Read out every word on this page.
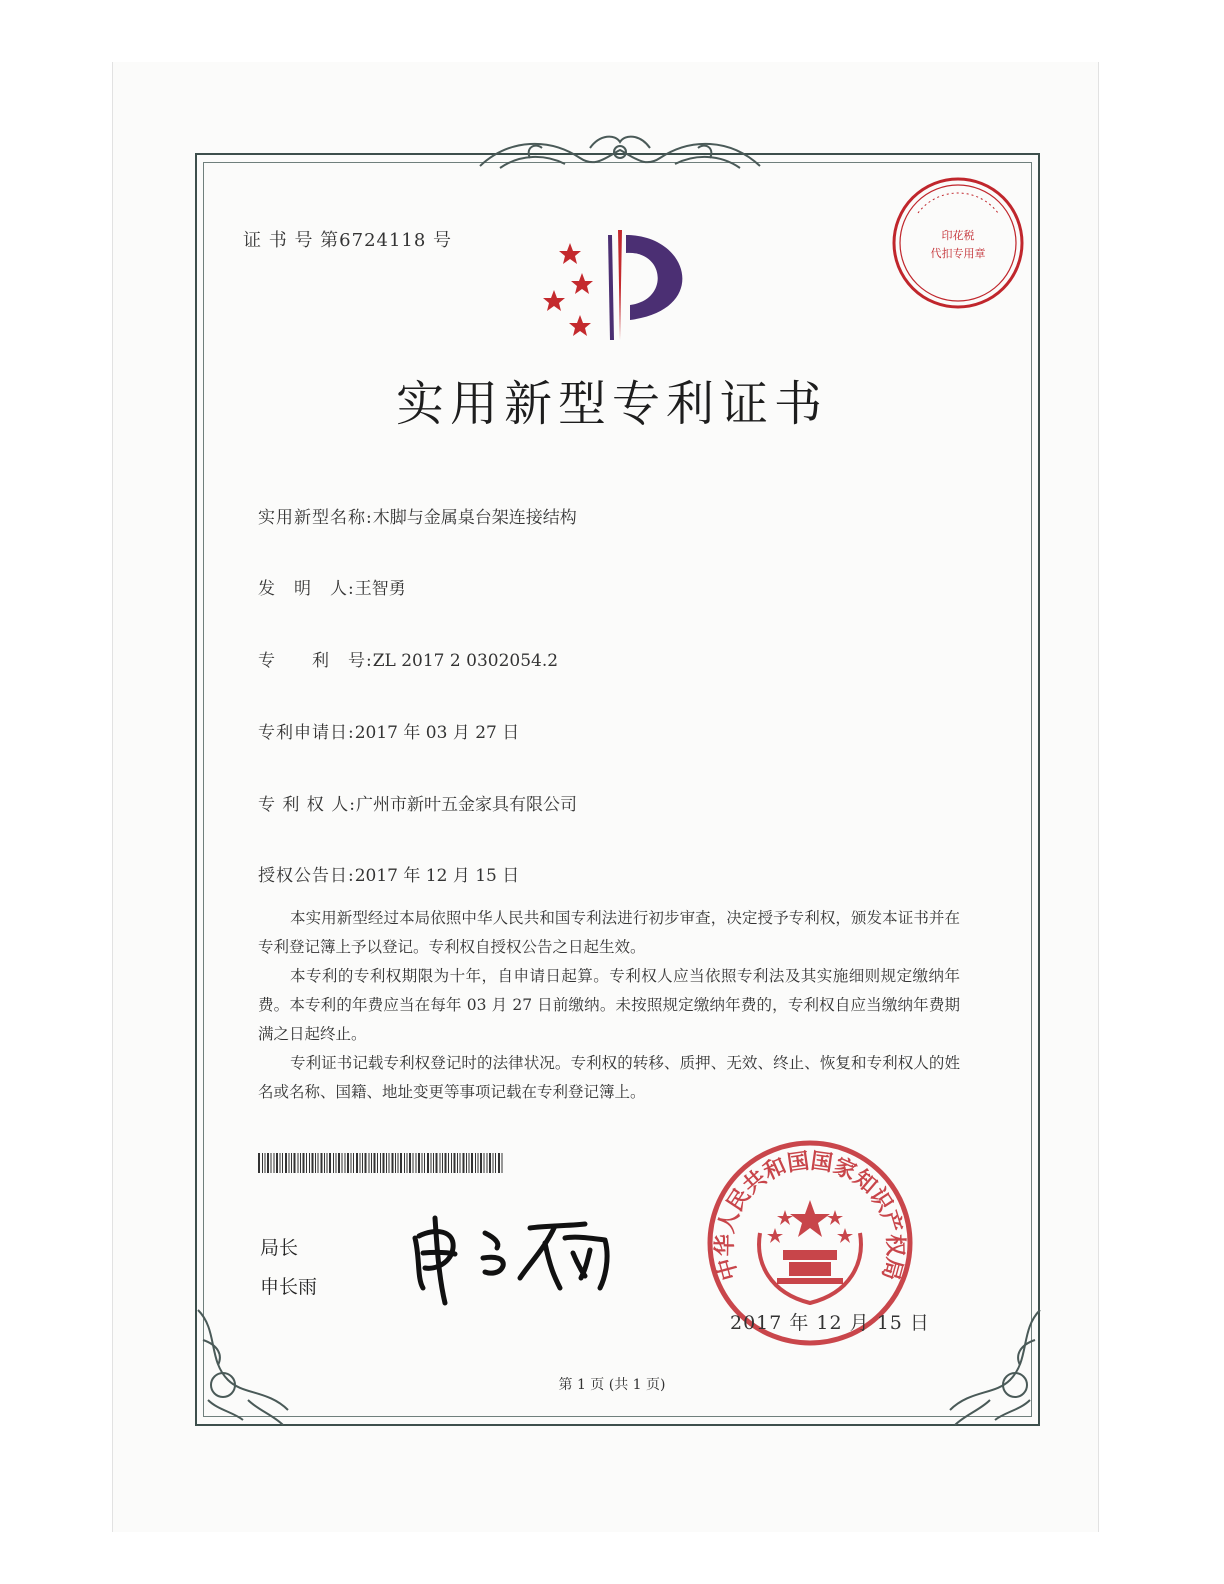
证 书 号 第6724118 号	印花税
代扣专用章
实用新型专利证书
实用新型名称:木脚与金属桌台架连接结构
发　明　人:王智勇
专　　利　号:ZL 2017 2 0302054.2
专利申请日:2017 年 03 月 27 日
专 利 权 人:广州市新叶五金家具有限公司
授权公告日:2017 年 12 月 15 日

本实用新型经过本局依照中华人民共和国专利法进行初步审查，决定授予专利权，颁发本证书并在专利登记簿上予以登记。专利权自授权公告之日起生效。

本专利的专利权期限为十年，自申请日起算。专利权人应当依照专利法及其实施细则规定缴纳年费。本专利的年费应当在每年 03 月 27 日前缴纳。未按照规定缴纳年费的，专利权自应当缴纳年费期满之日起终止。

专利证书记载专利权登记时的法律状况。专利权的转移、质押、无效、终止、恢复和专利权人的姓名或名称、国籍、地址变更等事项记载在专利登记簿上。

局长
申长雨
中华人民共和国国家知识产权局
2017 年 12 月 15 日
第 1 页 (共 1 页)
